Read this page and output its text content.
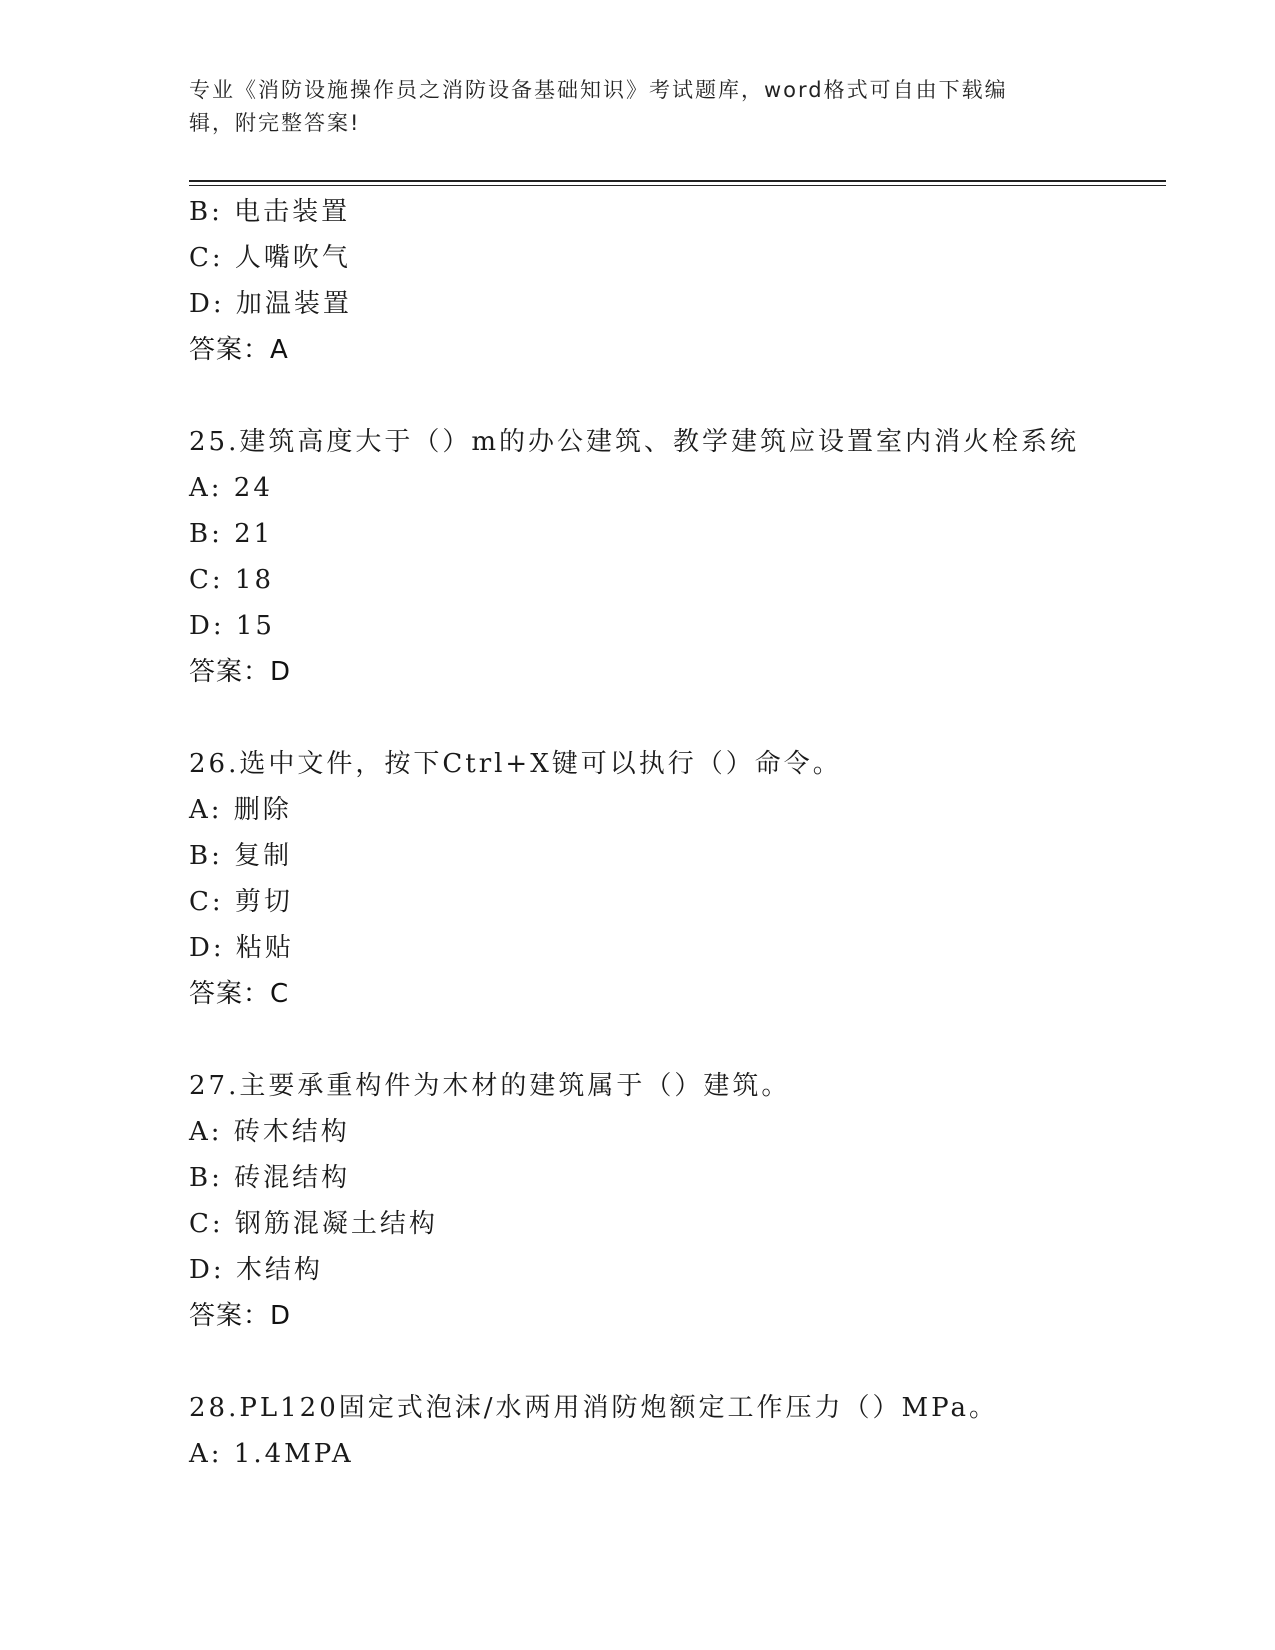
专业《消防设施操作员之消防设备基础知识》考试题库，word格式可自由下载编
辑，附完整答案!
B: 电击装置
C: 人嘴吹气
D: 加温装置
答案：A
25.建筑高度大于（）m的办公建筑、教学建筑应设置室内消火栓系统
A: 24
B: 21
C: 18
D: 15
答案：D
26.选中文件，按下Ctrl+X键可以执行（）命令。
A: 删除
B: 复制
C: 剪切
D: 粘贴
答案：C
27.主要承重构件为木材的建筑属于（）建筑。
A: 砖木结构
B: 砖混结构
C: 钢筋混凝土结构
D: 木结构
答案：D
28.PL120固定式泡沫/水两用消防炮额定工作压力（）MPa。
A: 1.4MPA
